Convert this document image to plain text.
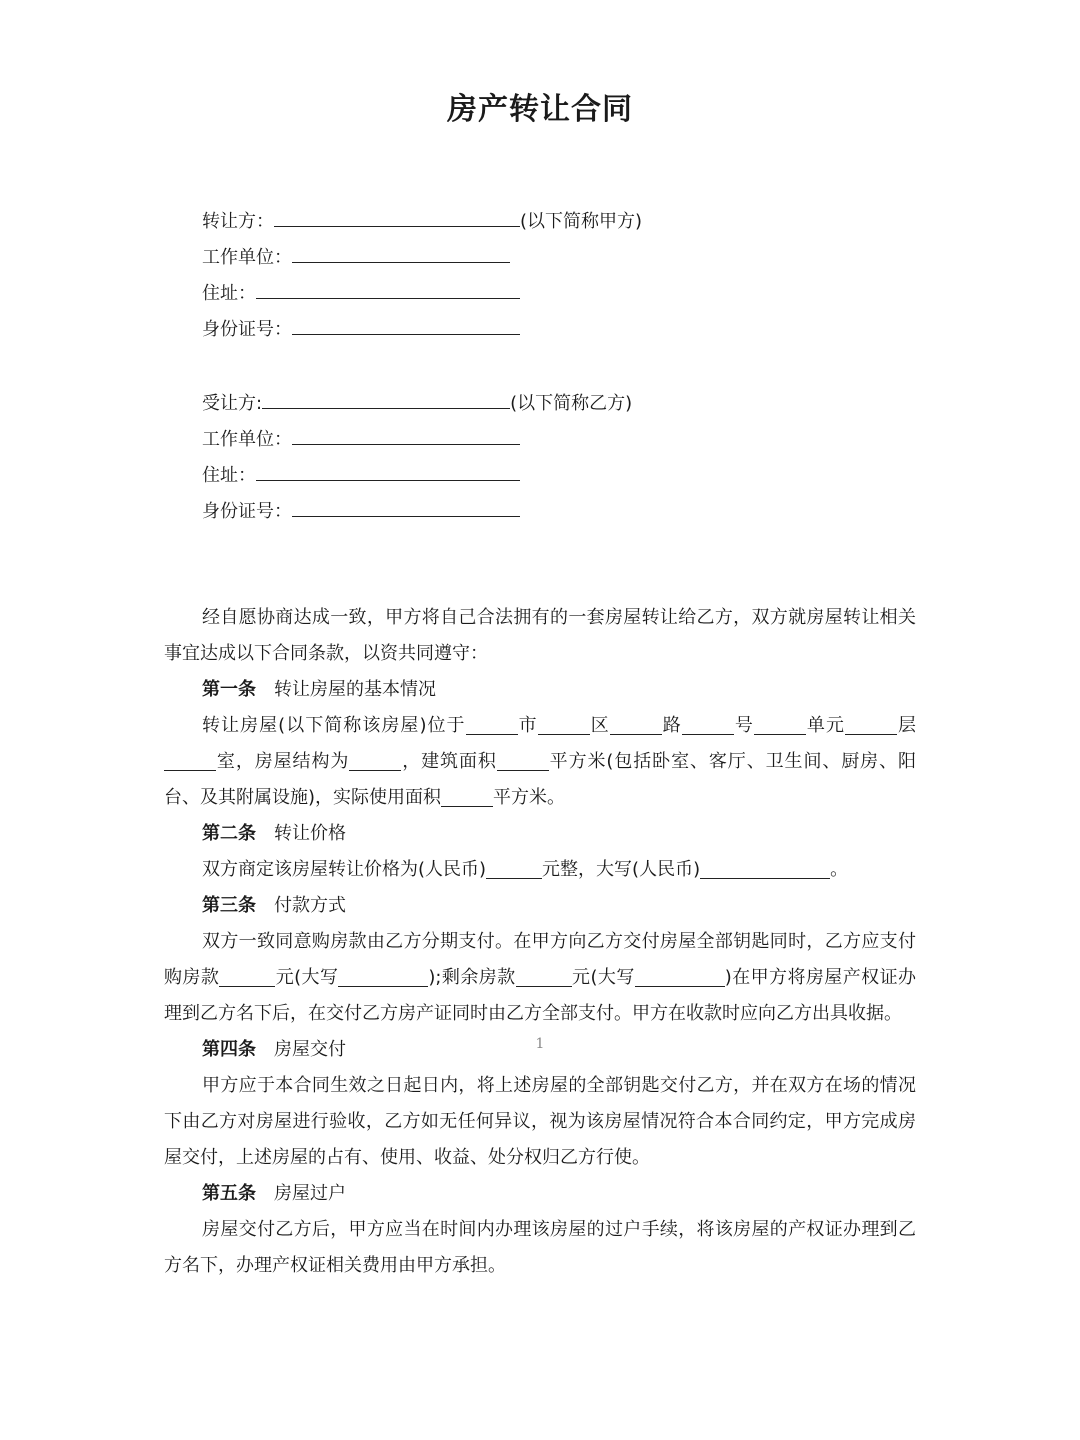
房产转让合同
转让方：	(以下简称甲方)
工作单位：
住址：
身份证号：
受让方:	(以下简称乙方)
工作单位：
住址：
身份证号：

经自愿协商达成一致，甲方将自己合法拥有的一套房屋转让给乙方，双方就房屋转让相关事宜达成以下合同条款，以资共同遵守：

第一条 转让房屋的基本情况

转让房屋(以下简称该房屋)位于	市	区	路	号	单元	层室，房屋结构为	，建筑面积	平方米(包括卧室、客厅、卫生间、厨房、阳台、及其附属设施)，实际使用面积	平方米。

第二条 转让价格

双方商定该房屋转让价格为(人民币)	元整，大写(人民币)	。

第三条 付款方式

双方一致同意购房款由乙方分期支付。在甲方向乙方交付房屋全部钥匙同时，乙方应支付购房款	元(大写	);剩余房款	元(大写	)在甲方将房屋产权证办理到乙方名下后，在交付乙方房产证同时由乙方全部支付。甲方在收款时应向乙方出具收据。

第四条 房屋交付

甲方应于本合同生效之日起日内，将上述房屋的全部钥匙交付乙方，并在双方在场的情况下由乙方对房屋进行验收，乙方如无任何异议，视为该房屋情况符合本合同约定，甲方完成房屋交付，上述房屋的占有、使用、收益、处分权归乙方行使。

第五条 房屋过户

房屋交付乙方后，甲方应当在时间内办理该房屋的过户手续，将该房屋的产权证办理到乙方名下，办理产权证相关费用由甲方承担。

1
